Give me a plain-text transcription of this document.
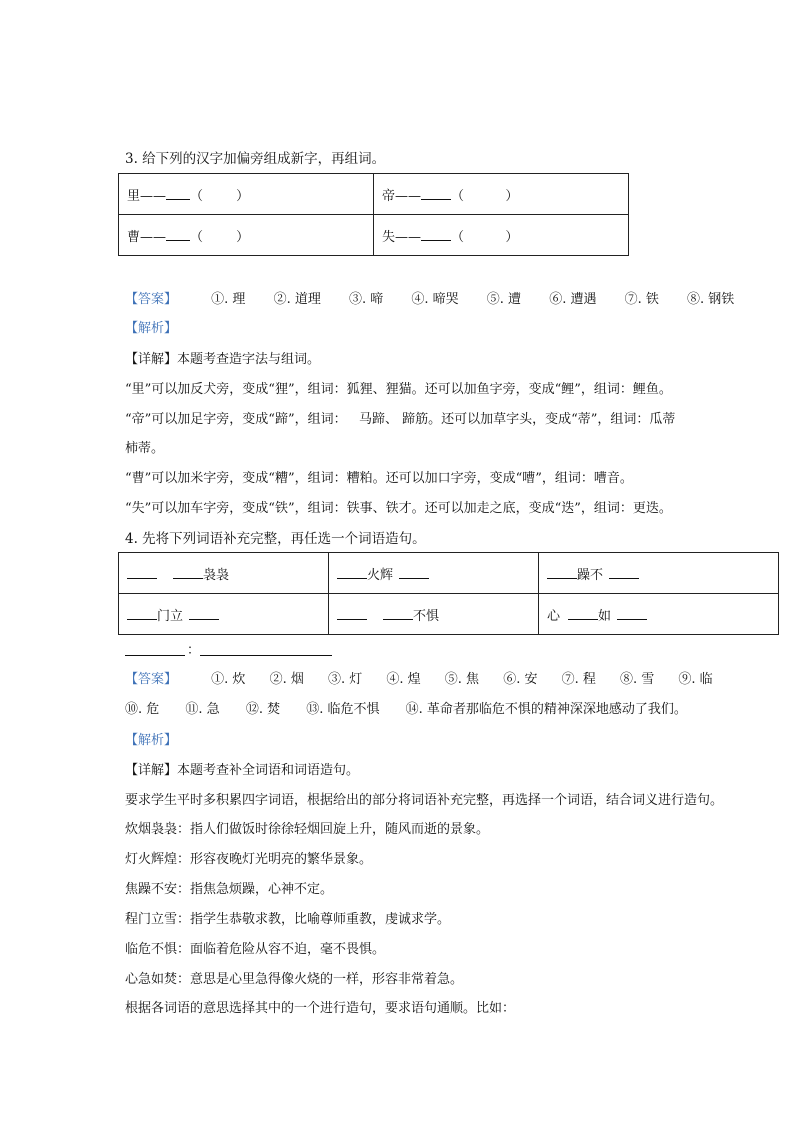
3. 给下列的汉字加偏旁组成新字，再组词。
里—— （        ）	帝—— （          ）
曹—— （        ）	失—— （          ）
【答案】	①. 理 ②. 道理 ③. 啼 ④. 啼哭 ⑤. 遭 ⑥. 遭遇 ⑦. 铁 ⑧. 钢铁
【解析】
【详解】本题考查造字法与组词。
“里”可以加反犬旁，变成“狸”，组词：狐狸、狸猫。还可以加鱼字旁，变成“鲤”，组词：鲤鱼。
“帝”可以加足字旁，变成“蹄”，组词：   马蹄、 蹄筋。还可以加草字头，变成“蒂”，组词：瓜蒂
柿蒂。
“曹”可以加米字旁，变成“糟”，组词：糟粕。还可以加口字旁，变成“嘈”，组词：嘈音。
“失”可以加车字旁，变成“铁”，组词：铁事、铁才。还可以加走之底，变成“迭”，组词：更迭。
4. 先将下列词语补充完整，再任选一个词语造句。
袅袅	火辉	躁不
门立	不惧	心 如
：
【答案】	①. 炊 ②. 烟 ③. 灯 ④. 煌 ⑤. 焦 ⑥. 安 ⑦. 程 ⑧. 雪 ⑨. 临
⑩. 危 ⑪. 急 ⑫. 焚 ⑬. 临危不惧 ⑭. 革命者那临危不惧的精神深深地感动了我们。
【解析】
【详解】本题考查补全词语和词语造句。
要求学生平时多积累四字词语，根据给出的部分将词语补充完整，再选择一个词语，结合词义进行造句。
炊烟袅袅：指人们做饭时徐徐轻烟回旋上升，随风而逝的景象。
灯火辉煌：形容夜晚灯光明亮的繁华景象。
焦躁不安：指焦急烦躁，心神不定。
程门立雪：指学生恭敬求教，比喻尊师重教，虔诚求学。
临危不惧：面临着危险从容不迫，毫不畏惧。
心急如焚：意思是心里急得像火烧的一样，形容非常着急。
根据各词语的意思选择其中的一个进行造句，要求语句通顺。比如：
